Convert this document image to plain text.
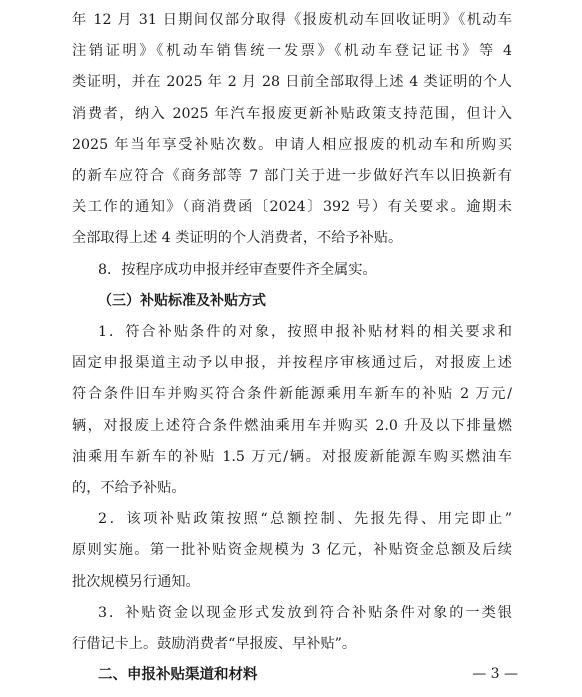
年 12 月 31 日期间仅部分取得《报废机动车回收证明》《机动车
注销证明》《机动车销售统一发票》《机动车登记证书》等 4
类证明，并在 2025 年 2 月 28 日前全部取得上述 4 类证明的个人
消费者，纳入 2025 年汽车报废更新补贴政策支持范围，但计入
2025 年当年享受补贴次数。申请人相应报废的机动车和所购买
的新车应符合《商务部等 7 部门关于进一步做好汽车以旧换新有
关工作的通知》（商消费函〔2024〕392 号）有关要求。逾期未
全部取得上述 4 类证明的个人消费者，不给予补贴。
8．按程序成功申报并经审查要件齐全属实。
（三）补贴标准及补贴方式
1．符合补贴条件的对象，按照申报补贴材料的相关要求和
固定申报渠道主动予以申报，并按程序审核通过后，对报废上述
符合条件旧车并购买符合条件新能源乘用车新车的补贴 2 万元/
辆，对报废上述符合条件燃油乘用车并购买 2.0 升及以下排量燃
油乘用车新车的补贴 1.5 万元/辆。对报废新能源车购买燃油车
的，不给予补贴。
2．该项补贴政策按照“总额控制、先报先得、用完即止”
原则实施。第一批补贴资金规模为 3 亿元，补贴资金总额及后续
批次规模另行通知。
3．补贴资金以现金形式发放到符合补贴条件对象的一类银
行借记卡上。鼓励消费者“早报废、早补贴”。
二、申报补贴渠道和材料	— 3 —
